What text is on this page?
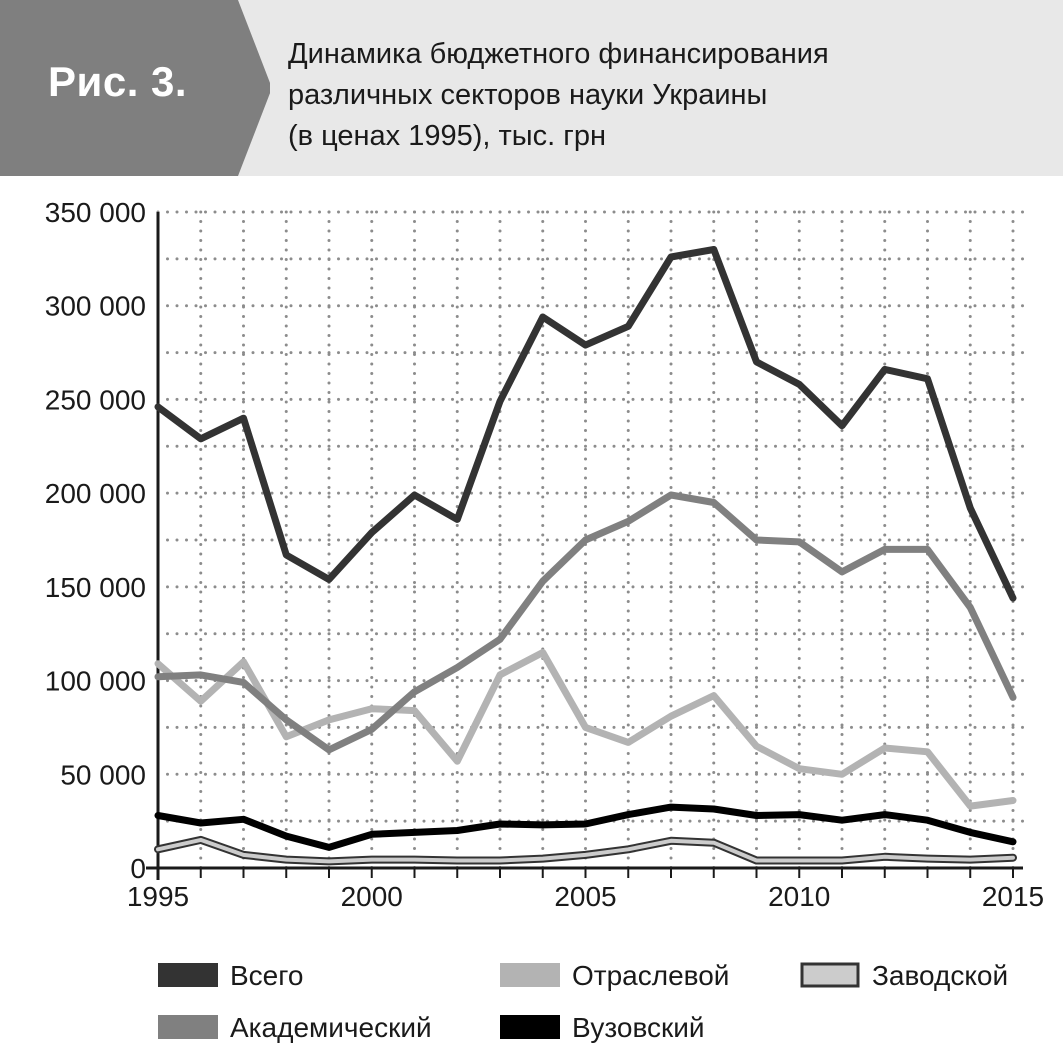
Рис. 3.
Динамика бюджетного финансирования
различных секторов науки Украины
(в ценах 1995), тыс. грн
0
50 000
100 000
150 000
200 000
250 000
300 000
350 000
1995	2000	2005	2010	2015
Всего	Отраслевой	Заводской
Академический	Вузовский
